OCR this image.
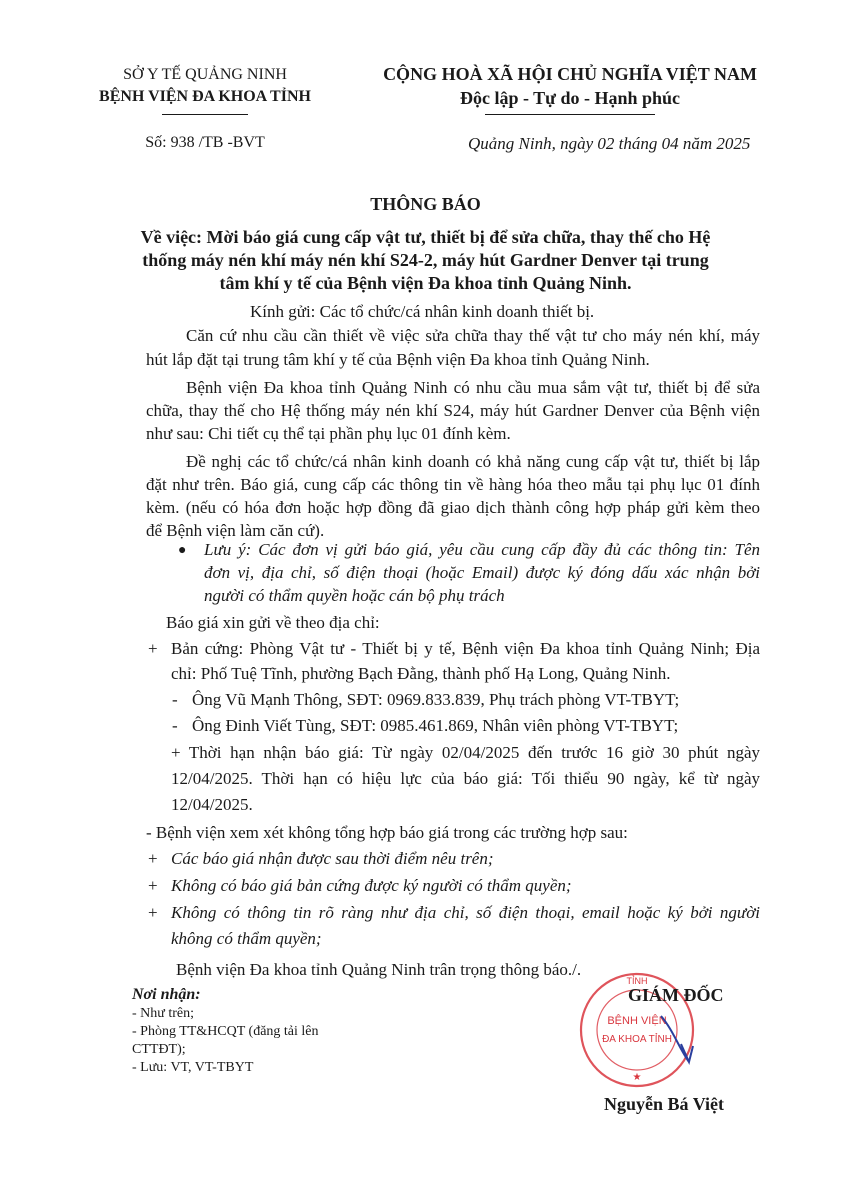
SỞ Y TẾ QUẢNG NINH
BỆNH VIỆN ĐA KHOA TỈNH
Số: 938 /TB -BVT
CỘNG HOÀ XÃ HỘI CHỦ NGHĨA VIỆT NAM
Độc lập - Tự do - Hạnh phúc
Quảng Ninh, ngày 02 tháng 04 năm 2025
THÔNG BÁO
Về việc: Mời báo giá cung cấp vật tư, thiết bị để sửa chữa, thay thế cho Hệ
thống máy nén khí máy nén khí S24-2, máy hút Gardner Denver tại trung
tâm khí y tế của Bệnh viện Đa khoa tỉnh Quảng Ninh.
Kính gửi: Các tổ chức/cá nhân kinh doanh thiết bị.
Căn cứ nhu cầu cần thiết về việc sửa chữa thay thế vật tư cho máy nén khí, máy
hút lắp đặt tại trung tâm khí y tế của Bệnh viện Đa khoa tỉnh Quảng Ninh.
Bệnh viện Đa khoa tỉnh Quảng Ninh có nhu cầu mua sắm vật tư, thiết bị để sửa
chữa, thay thế cho Hệ thống máy nén khí S24, máy hút Gardner Denver của Bệnh viện
như sau: Chi tiết cụ thể tại phần phụ lục 01 đính kèm.
Đề nghị các tổ chức/cá nhân kinh doanh có khả năng cung cấp vật tư, thiết bị lắp
đặt như trên. Báo giá, cung cấp các thông tin về hàng hóa theo mẫu tại phụ lục 01 đính
kèm. (nếu có hóa đơn hoặc hợp đồng đã giao dịch thành công hợp pháp gửi kèm theo
để Bệnh viện làm căn cứ).
● Lưu ý: Các đơn vị gửi báo giá, yêu cầu cung cấp đầy đủ các thông tin: Tên
đơn vị, địa chỉ, số điện thoại (hoặc Email) được ký đóng dấu xác nhận bởi
người có thẩm quyền hoặc cán bộ phụ trách
Báo giá xin gửi về theo địa chỉ:
+ Bản cứng: Phòng Vật tư - Thiết bị y tế, Bệnh viện Đa khoa tỉnh Quảng Ninh; Địa
chỉ: Phố Tuệ Tĩnh, phường Bạch Đằng, thành phố Hạ Long, Quảng Ninh.
- Ông Vũ Mạnh Thông, SĐT: 0969.833.839, Phụ trách phòng VT-TBYT;
- Ông Đinh Viết Tùng, SĐT: 0985.461.869, Nhân viên phòng VT-TBYT;
+ Thời hạn nhận báo giá: Từ ngày 02/04/2025 đến trước 16 giờ 30 phút ngày
12/04/2025. Thời hạn có hiệu lực của báo giá: Tối thiểu 90 ngày, kể từ ngày
12/04/2025.
- Bệnh viện xem xét không tổng hợp báo giá trong các trường hợp sau:
+ Các báo giá nhận được sau thời điểm nêu trên;
+ Không có báo giá bản cứng được ký người có thẩm quyền;
+ Không có thông tin rõ ràng như địa chỉ, số điện thoại, email hoặc ký bởi người
không có thẩm quyền;
Bệnh viện Đa khoa tỉnh Quảng Ninh trân trọng thông báo./.
Nơi nhận:
- Như trên;
- Phòng TT&HCQT (đăng tải lên
CTTĐT);
- Lưu: VT, VT-TBYT
TỈNH
BỆNH VIỆN
ĐA KHOA TỈNH
★
GIÁM ĐỐC
Nguyễn Bá Việt
